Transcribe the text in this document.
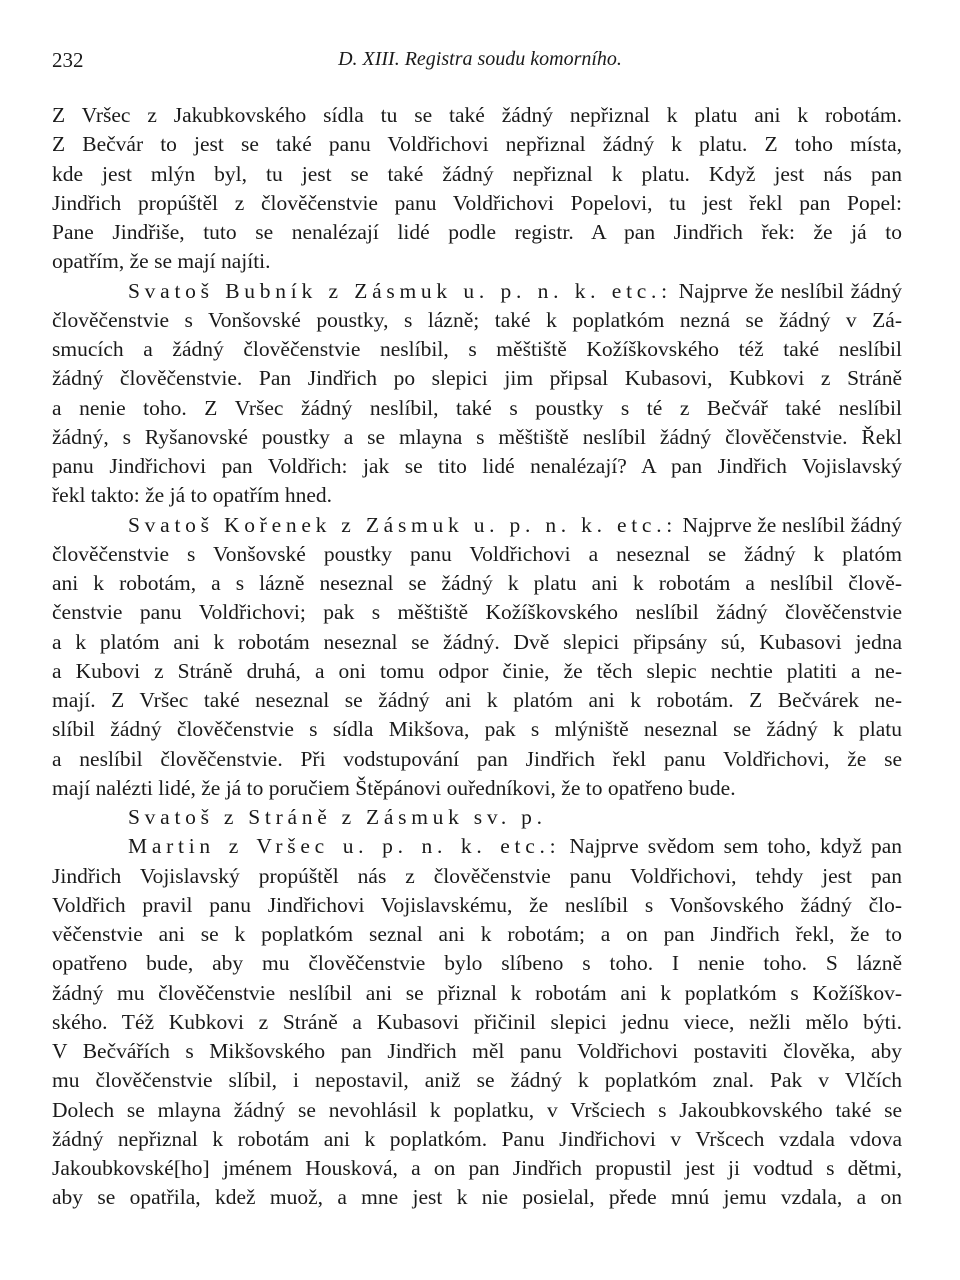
232	D. XIII. Registra soudu komorního.
Z Vršec z Jakubkovského sídla tu se také žádný nepřiznal k platu ani k robotám.
Z Bečvár to jest se také panu Voldřichovi nepřiznal žádný k platu. Z toho místa,
kde jest mlýn byl, tu jest se také žádný nepřiznal k platu. Když jest nás pan
Jindřich propúštěl z člověčenstvie panu Voldřichovi Popelovi, tu jest řekl pan Popel:
Pane Jindřiše, tuto se nenalézají lidé podle registr. A pan Jindřich řek: že já to
opatřím, že se mají najíti.
Svatoš Bubník z Zásmuk u. p. n. k. etc.: Najprve že neslíbil žádný
člověčenstvie s Vonšovské poustky, s lázně; také k poplatkóm nezná se žádný v Zá-
smucích a žádný člověčenstvie neslíbil, s měštiště Kožíškovského též také neslíbil
žádný člověčenstvie. Pan Jindřich po slepici jim připsal Kubasovi, Kubkovi z Stráně
a nenie toho. Z Vršec žádný neslíbil, také s poustky s té z Bečvář také neslíbil
žádný, s Ryšanovské poustky a se mlayna s měštiště neslíbil žádný člověčenstvie. Řekl
panu Jindřichovi pan Voldřich: jak se tito lidé nenalézají? A pan Jindřich Vojislavský
řekl takto: že já to opatřím hned.
Svatoš Kořenek z Zásmuk u. p. n. k. etc.: Najprve že neslíbil žádný
člověčenstvie s Vonšovské poustky panu Voldřichovi a neseznal se žádný k platóm
ani k robotám, a s lázně neseznal se žádný k platu ani k robotám a neslíbil člově-
čenstvie panu Voldřichovi; pak s měštiště Kožíškovského neslíbil žádný člověčenstvie
a k platóm ani k robotám neseznal se žádný. Dvě slepici připsány sú, Kubasovi jedna
a Kubovi z Stráně druhá, a oni tomu odpor činie, že těch slepic nechtie platiti a ne-
mají. Z Vršec také neseznal se žádný ani k platóm ani k robotám. Z Bečvárek ne-
slíbil žádný člověčenstvie s sídla Mikšova, pak s mlýniště neseznal se žádný k platu
a neslíbil člověčenstvie. Při vodstupování pan Jindřich řekl panu Voldřichovi, že se
mají nalézti lidé, že já to poručiem Štěpánovi ouředníkovi, že to opatřeno bude.
Svatoš z Stráně z Zásmuk sv. p.
Martin z Vršec u. p. n. k. etc.: Najprve svědom sem toho, když pan
Jindřich Vojislavský propúštěl nás z člověčenstvie panu Voldřichovi, tehdy jest pan
Voldřich pravil panu Jindřichovi Vojislavskému, že neslíbil s Vonšovského žádný člo-
věčenstvie ani se k poplatkóm seznal ani k robotám; a on pan Jindřich řekl, že to
opatřeno bude, aby mu člověčenstvie bylo slíbeno s toho. I nenie toho. S lázně
žádný mu člověčenstvie neslíbil ani se přiznal k robotám ani k poplatkóm s Kožíškov-
ského. Též Kubkovi z Stráně a Kubasovi přičinil slepici jednu viece, nežli mělo býti.
V Bečvářích s Mikšovského pan Jindřich měl panu Voldřichovi postaviti člověka, aby
mu člověčenstvie slíbil, i nepostavil, aniž se žádný k poplatkóm znal. Pak v Vlčích
Dolech se mlayna žádný se nevohlásil k poplatku, v Vršciech s Jakoubkovského také se
žádný nepřiznal k robotám ani k poplatkóm. Panu Jindřichovi v Vršcech vzdala vdova
Jakoubkovské[ho] jménem Housková, a on pan Jindřich propustil jest ji vodtud s dětmi,
aby se opatřila, kdež muož, a mne jest k nie posielal, přede mnú jemu vzdala, a on
